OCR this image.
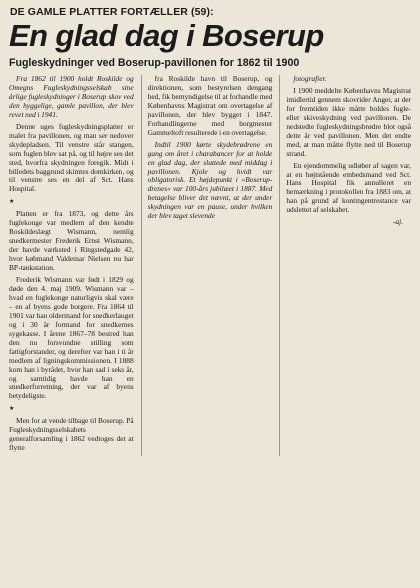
DE GAMLE PLATTER FORTÆLLER (59):
En glad dag i Boserup
Fugleskydninger ved Boserup-pavillonen for 1862 til 1900

Fra 1862 til 1900 holdt Roskilde og Omegns Fugleskydningsselskab sine årlige fugleskydninger i Boserup skov ved den hyggelige, gamle pavillon, der blev revet ned i 1941.

Denne uges fugleskydningsplatter er malet fra pavillonen, og man ser nedover skydepladsen. Til venstre står stangen, som fuglen blev sat på, og til højre ses det sted, hvorfra skydningen foregik. Midt i billedets baggrund skimtes domkirken, og til venstre ses en del af Sct. Hans Hospital.

★

Platten er fra 1873, og dette års fuglekonge var medlem af den kendte Roskildeslægt Wismann, nemlig snedkermester Frederik Ernst Wismann, der havde værksted i Ringstedgade 42, hvor købmand Valdemar Nielsen nu har BP-tankstation.

Frederik Wismann var født i 1829 og døde den 4. maj 1909. Wismann var – hvad en fuglekonge naturligvis skal være – en af byens gode borgere. Fra 1864 til 1901 var han oldermand for snedkerlauget og i 30 år formand for snedkernes sygekasse. I årene 1867–78 bestred han den nu forsvundne stilling som fattigforstander, og derefter var han i ti år medlem af ligningskommissionen. I 1888 kom han i byrådet, hvor han sad i seks år, og samtidig havde han en snedkerforretning, der var af byens betydeligste.

★

Men for at vende tilbage til Boserup. På Fugleskydningsselskabets generalforsamling i 1862 vedtoges det at flytte

fra Roskilde havn til Boserup, og direktionen, som bestyrelsen dengang hed, fik bemyndigelse til at forhandle med Københavns Magistrat om overtagelse af pavillonen, der blev bygget i 1847. Forhandlingerne med borgmester Gammeltoft resulterede i en overtagelse.

Indtil 1900 kørte skydebrødrene en gang om året i charabancer for at holde en glad dag, der sluttede med middag i pavillonen. Kjole og hvidt var obligatorisk. Et højdepunkt i »Boserup-drenes« var 100-års jubilæet i 1887. Med betagelse bliver det nævnt, at der under skydningen var en pause, under hvilken der blev taget slevende

fotografier.

I 1900 meddelte Københavns Magistrat imidlertid gennem skovrider Anger, at der for fremtiden ikke måtte holdes fugle- eller skiveskydning ved pavillonen. De nedstedte fugleskydningsbrødre blot også dette år ved pavillonen. Men det endte med, at man måtte flytte ned til Boserup strand.

En ejendommelig udløber af sagen var, at en højtstående embedsmand ved Sct. Hans Hospital fik annulleret en bemærkning i protokollen fra 1883 om, at han på grund af kontingentrestance var udslettet af selskabet.

-aj.
